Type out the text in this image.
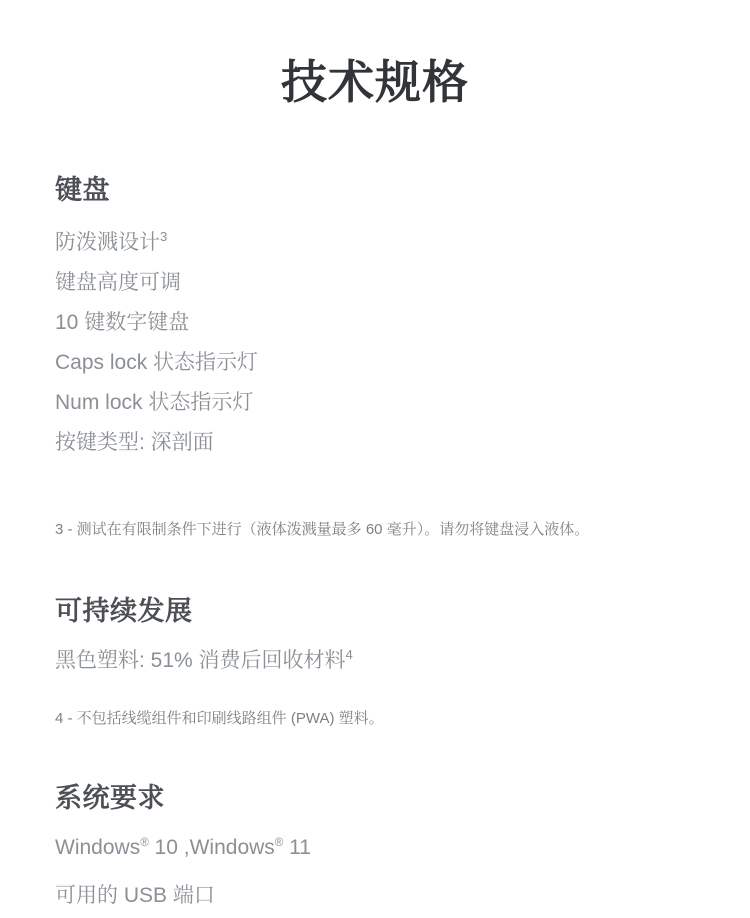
技术规格
键盘
防泼溅设计$^3$
键盘高度可调
10 键数字键盘
Caps lock 状态指示灯
Num lock 状态指示灯
按键类型: 深剖面

3 - 测试在有限制条件下进行（液体泼溅量最多 60 毫升）。请勿将键盘浸入液体。

可持续发展

黑色塑料: 51% 消费后回收材料$^4$

4 - 不包括线缆组件和印刷线路组件 (PWA) 塑料。

系统要求

Windows® 10 ,Windows® 11

可用的 USB 端口
